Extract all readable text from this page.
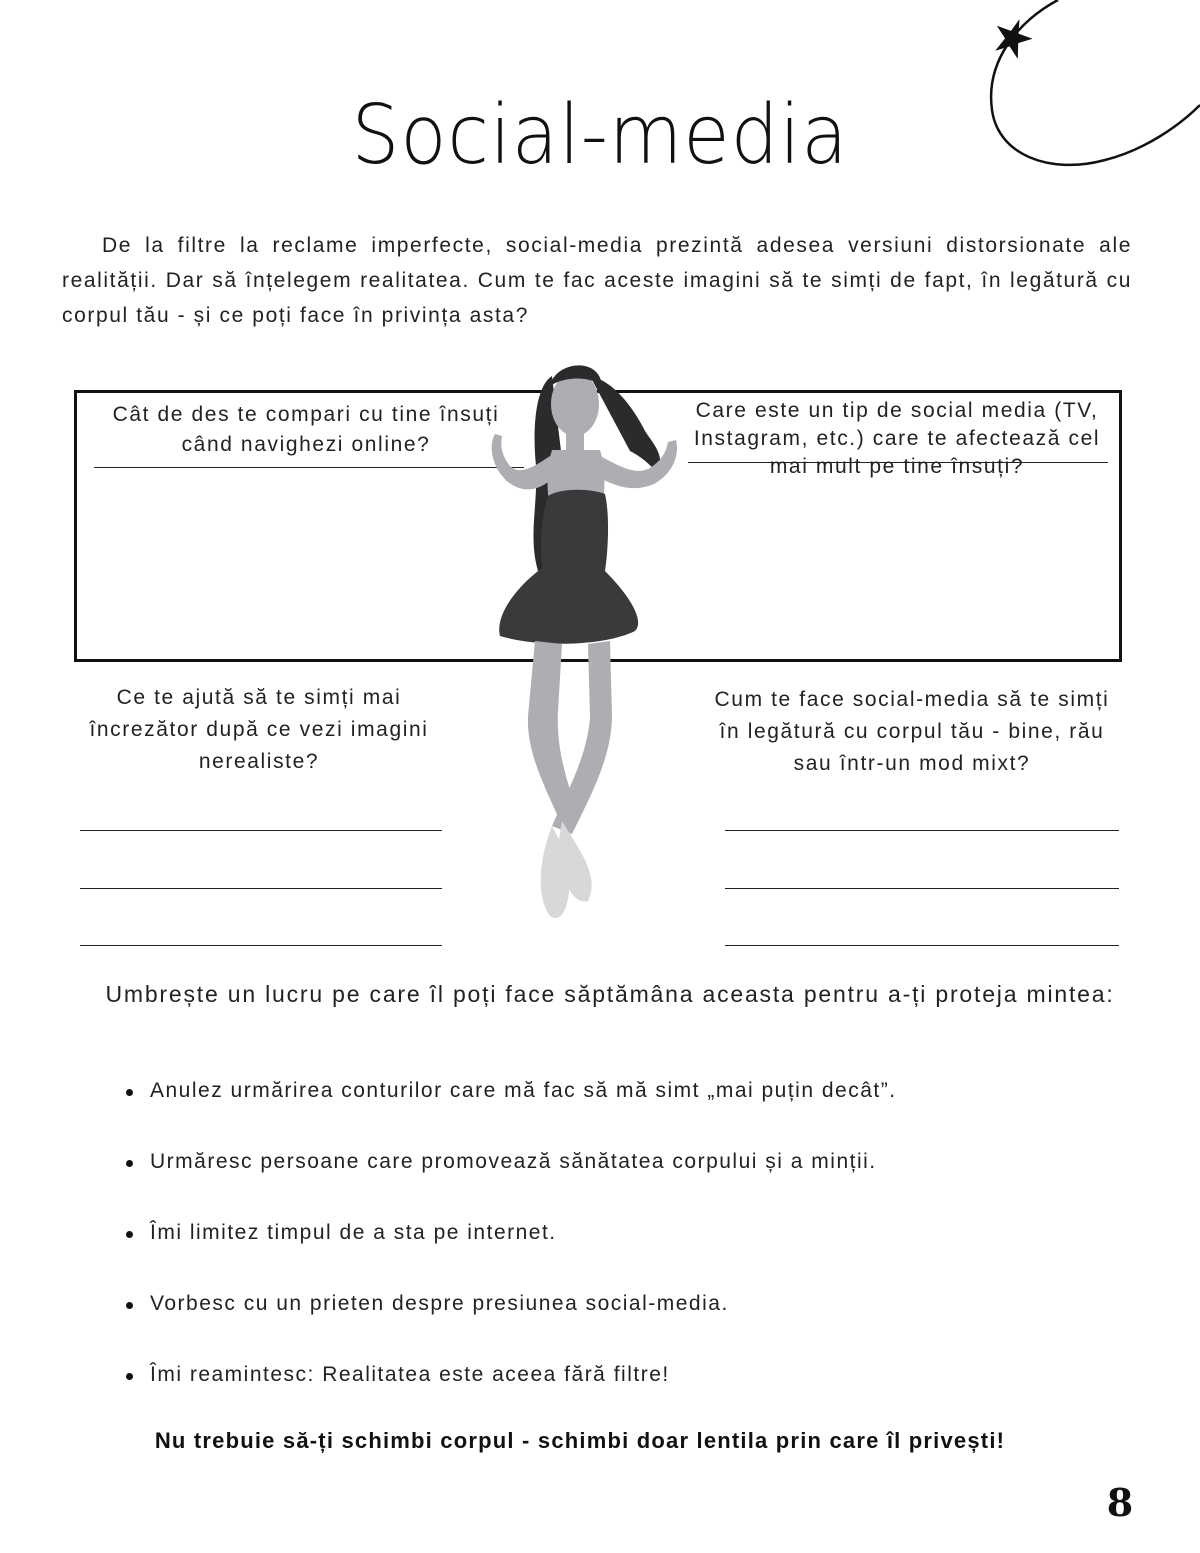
Social-media
De la filtre la reclame imperfecte, social-media prezintă adesea versiuni distorsionate ale realității. Dar să înțelegem realitatea. Cum te fac aceste imagini să te simți de fapt, în legătură cu corpul tău - și ce poți face în privința asta?
Cât de des te compari cu tine însuți când navighezi online?
Care este un tip de social media (TV, Instagram, etc.) care te afectează cel mai mult pe tine însuți?
Ce te ajută să te simți mai încrezător după ce vezi imagini nerealiste?
Cum te face social-media să te simți în legătură cu corpul tău - bine, rău sau într-un mod mixt?
Umbrește un lucru pe care îl poți face săptămâna aceasta pentru a-ți proteja mintea:
Anulez urmărirea conturilor care mă fac să mă simt „mai puțin decât”.
Urmăresc persoane care promovează sănătatea corpului și a minții.
Îmi limitez timpul de a sta pe internet.
Vorbesc cu un prieten despre presiunea social-media.
Îmi reamintesc: Realitatea este aceea fără filtre!
Nu trebuie să-ți schimbi corpul - schimbi doar lentila prin care îl privești!
8
